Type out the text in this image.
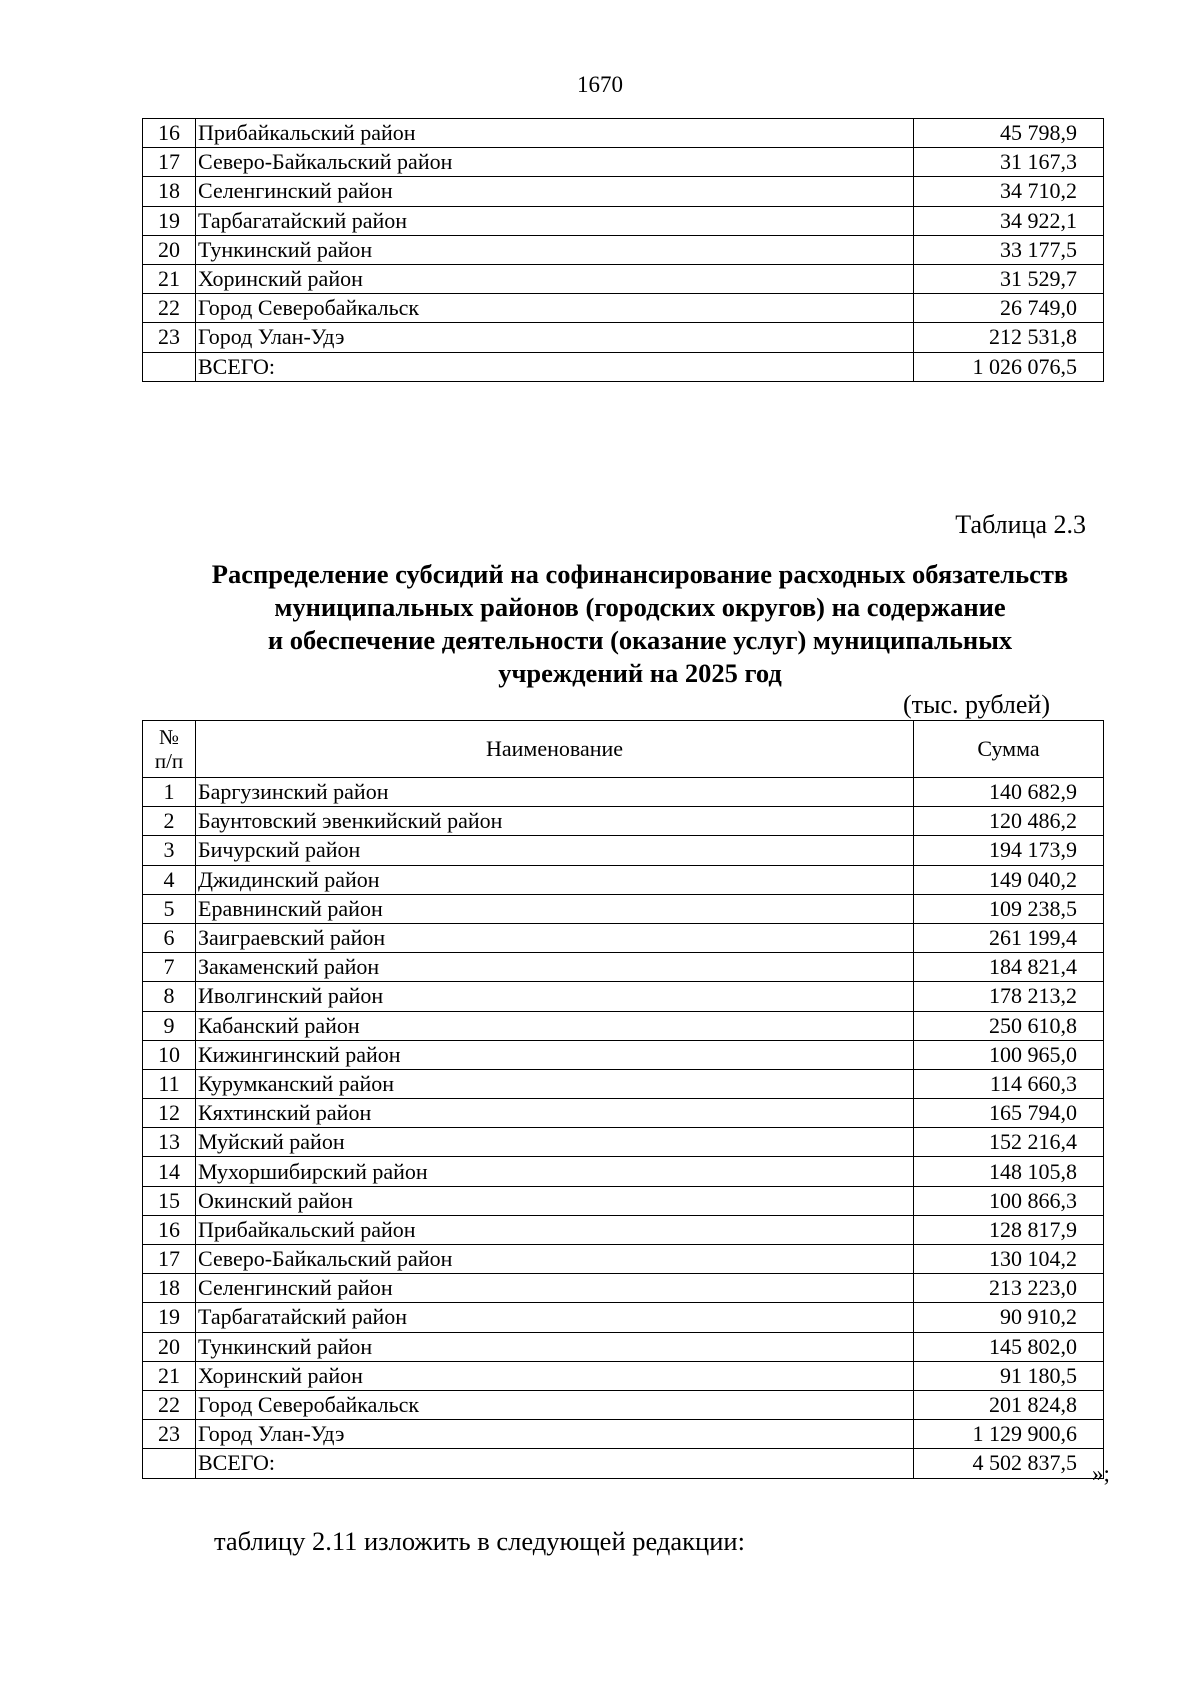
1670
16	Прибайкальский район	45 798,9
17	Северо-Байкальский район	31 167,3
18	Селенгинский район	34 710,2
19	Тарбагатайский район	34 922,1
20	Тункинский район	33 177,5
21	Хоринский район	31 529,7
22	Город Северобайкальск	26 749,0
23	Город Улан-Удэ	212 531,8
	ВСЕГО:	1 026 076,5
Таблица 2.3
Распределение субсидий на софинансирование расходных обязательств
муниципальных районов (городских округов) на содержание
и обеспечение деятельности (оказание услуг) муниципальных
учреждений на 2025 год
(тыс. рублей)
№
п/п	Наименование	Сумма
1	Баргузинский район	140 682,9
2	Баунтовский эвенкийский район	120 486,2
3	Бичурский район	194 173,9
4	Джидинский район	149 040,2
5	Еравнинский район	109 238,5
6	Заиграевский район	261 199,4
7	Закаменский район	184 821,4
8	Иволгинский район	178 213,2
9	Кабанский район	250 610,8
10	Кижингинский район	100 965,0
11	Курумканский район	114 660,3
12	Кяхтинский район	165 794,0
13	Муйский район	152 216,4
14	Мухоршибирский район	148 105,8
15	Окинский район	100 866,3
16	Прибайкальский район	128 817,9
17	Северо-Байкальский район	130 104,2
18	Селенгинский район	213 223,0
19	Тарбагатайский район	90 910,2
20	Тункинский район	145 802,0
21	Хоринский район	91 180,5
22	Город Северобайкальск	201 824,8
23	Город Улан-Удэ	1 129 900,6
	ВСЕГО:	4 502 837,5 »;
таблицу 2.11 изложить в следующей редакции:
